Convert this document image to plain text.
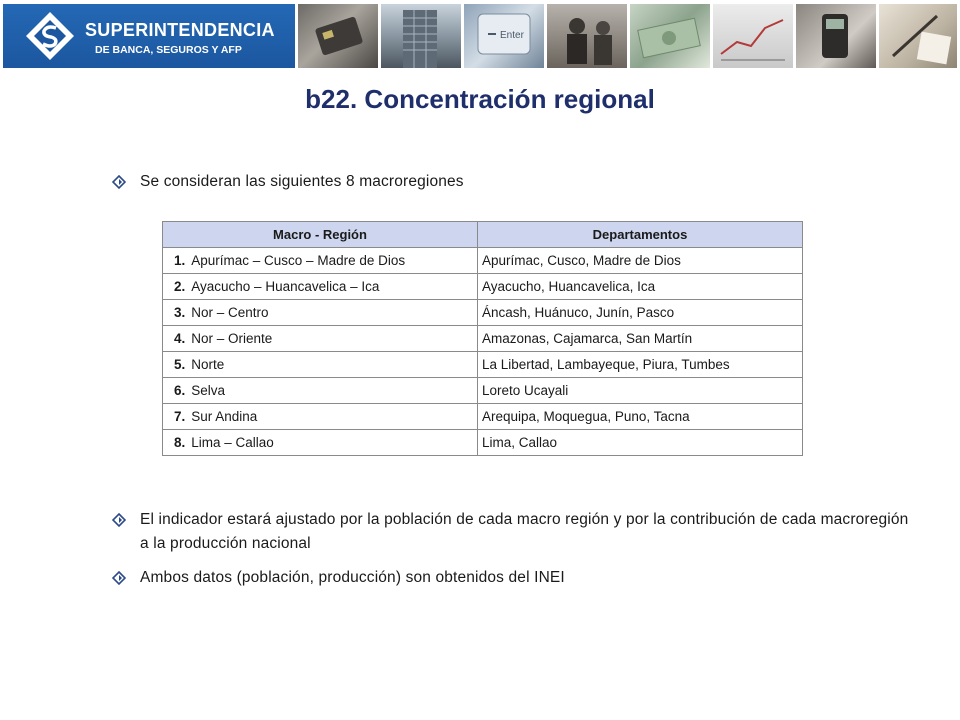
SUPERINTENDENCIA
DE BANCA, SEGUROS Y AFP
Enter
b22. Concentración regional
Se consideran las siguientes 8 macroregiones
Macro - Región	Departamentos
1. Apurímac – Cusco – Madre de Dios	Apurímac, Cusco, Madre de Dios
2. Ayacucho – Huancavelica – Ica	Ayacucho, Huancavelica, Ica
3. Nor – Centro	Áncash, Huánuco, Junín, Pasco
4. Nor – Oriente	Amazonas, Cajamarca, San Martín
5. Norte	La Libertad, Lambayeque, Piura, Tumbes
6. Selva	Loreto Ucayali
7. Sur Andina	Arequipa, Moquegua, Puno, Tacna
8. Lima – Callao	Lima, Callao
El indicador estará ajustado por la población de cada macro región y por la contribución de cada macroregión a la producción nacional
Ambos datos (población, producción) son obtenidos del INEI
